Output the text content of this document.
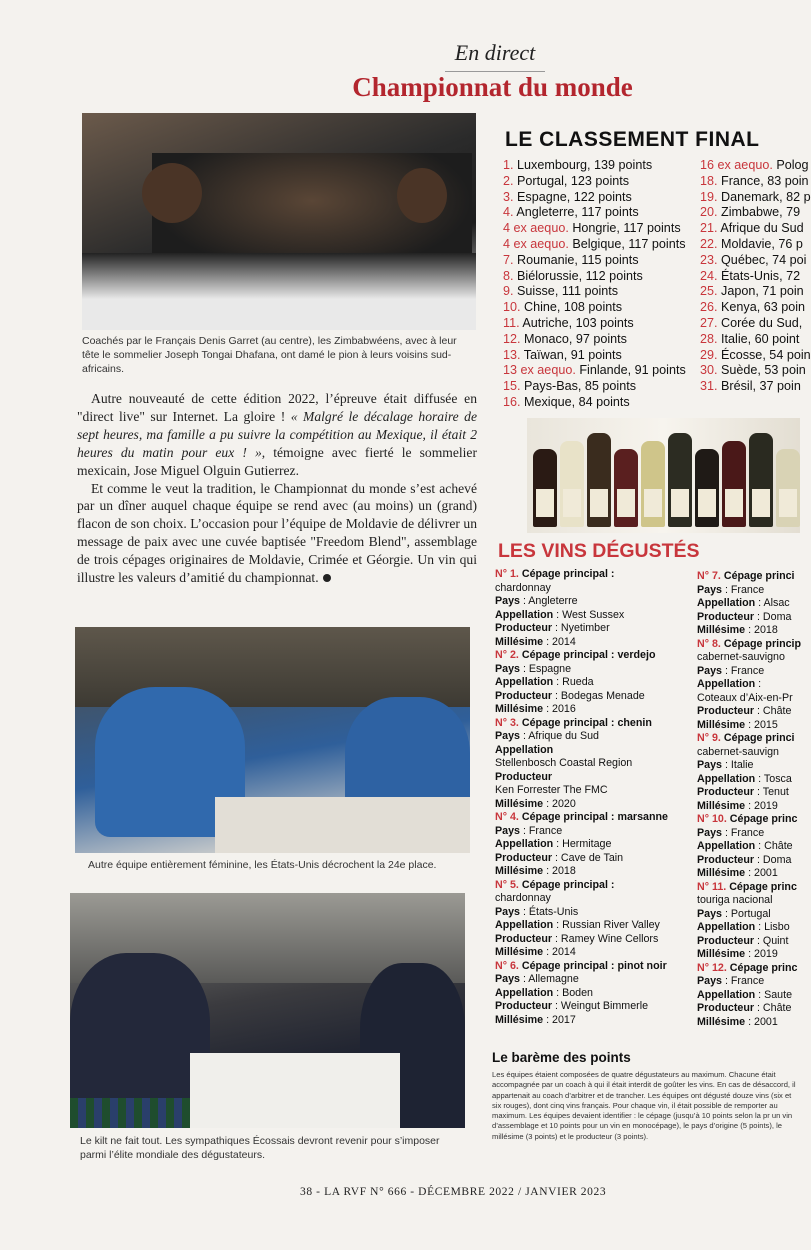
En direct
Championnat du monde
Coachés par le Français Denis Garret (au centre), les Zimbabwéens, avec à leur tête le sommelier Joseph Tongai Dhafana, ont damé le pion à leurs voisins sud-africains.

Autre nouveauté de cette édition 2022, l’épreuve était diffusée en "direct live" sur Internet. La gloire ! « Malgré le décalage horaire de sept heures, ma famille a pu suivre la compétition au Mexique, il était 2 heures du matin pour eux ! », témoigne avec fierté le sommelier mexicain, Jose Miguel Olguin Gutierrez.

Et comme le veut la tradition, le Championnat du monde s’est achevé par un dîner auquel chaque équipe se rend avec (au moins) un (grand) flacon de son choix. L’occasion pour l’équipe de Moldavie de délivrer un message de paix avec une cuvée baptisée "Freedom Blend", assemblage de trois cépages originaires de Moldavie, Crimée et Géorgie. Un vin qui illustre les valeurs d’amitié du championnat.

Autre équipe entièrement féminine, les États-Unis décrochent la 24e place.
Le kilt ne fait tout. Les sympathiques Écossais devront revenir pour s’imposer parmi l’élite mondiale des dégustateurs.
LE CLASSEMENT FINAL
1. Luxembourg, 139 points
2. Portugal, 123 points
3. Espagne, 122 points
4. Angleterre, 117 points
4 ex aequo. Hongrie, 117 points
4 ex aequo. Belgique, 117 points
7. Roumanie, 115 points
8. Biélorussie, 112 points
9. Suisse, 111 points
10. Chine, 108 points
11. Autriche, 103 points
12. Monaco, 97 points
13. Taïwan, 91 points
13 ex aequo. Finlande, 91 points
15. Pays-Bas, 85 points
16. Mexique, 84 points
16 ex aequo. Polog
18. France, 83 poin
19. Danemark, 82 p
20. Zimbabwe, 79
21. Afrique du Sud
22. Moldavie, 76 p
23. Québec, 74 poi
24. États-Unis, 72
25. Japon, 71 poin
26. Kenya, 63 poin
27. Corée du Sud,
28. Italie, 60 point
29. Écosse, 54 poin
30. Suède, 53 poin
31. Brésil, 37 poin
LES VINS DÉGUSTÉS
N° 1. Cépage principal :
chardonnay
Pays : Angleterre
Appellation : West Sussex
Producteur : Nyetimber
Millésime : 2014
N° 2. Cépage principal : verdejo
Pays : Espagne
Appellation : Rueda
Producteur : Bodegas Menade
Millésime : 2016
N° 3. Cépage principal : chenin
Pays : Afrique du Sud
Appellation
Stellenbosch Coastal Region
Producteur
Ken Forrester The FMC
Millésime : 2020
N° 4. Cépage principal : marsanne
Pays : France
Appellation : Hermitage
Producteur : Cave de Tain
Millésime : 2018
N° 5. Cépage principal :
chardonnay
Pays : États-Unis
Appellation : Russian River Valley
Producteur : Ramey Wine Cellors
Millésime : 2014
N° 6. Cépage principal : pinot noir
Pays : Allemagne
Appellation : Boden
Producteur : Weingut Bimmerle
Millésime : 2017
N° 7. Cépage princi
Pays : France
Appellation : Alsac
Producteur : Doma
Millésime : 2018
N° 8. Cépage princip
cabernet-sauvigno
Pays : France
Appellation :
Coteaux d’Aix-en-Pr
Producteur : Châte
Millésime : 2015
N° 9. Cépage princi
cabernet-sauvign
Pays : Italie
Appellation : Tosca
Producteur : Tenut
Millésime : 2019
N° 10. Cépage princ
Pays : France
Appellation : Châte
Producteur : Doma
Millésime : 2001
N° 11. Cépage princ
touriga nacional
Pays : Portugal
Appellation : Lisbo
Producteur : Quint
Millésime : 2019
N° 12. Cépage princ
Pays : France
Appellation : Saute
Producteur : Châte
Millésime : 2001
Le barème des points
Les équipes étaient composées de quatre dégustateurs au maximum. Chacune était accompagnée par un coach à qui il était interdit de goûter les vins. En cas de désaccord, il appartenait au coach d’arbitrer et de trancher. Les équipes ont dégusté douze vins (six et six rouges), dont cinq vins français. Pour chaque vin, il était possible de remporter au maximum. Les équipes devaient identifier : le cépage (jusqu’à 10 points selon la pr un vin d’assemblage et 10 points pour un vin en monocépage), le pays d’origine (5 points), le millésime (3 points) et le producteur (3 points).
38 - LA RVF N° 666 - DÉCEMBRE 2022 / JANVIER 2023
